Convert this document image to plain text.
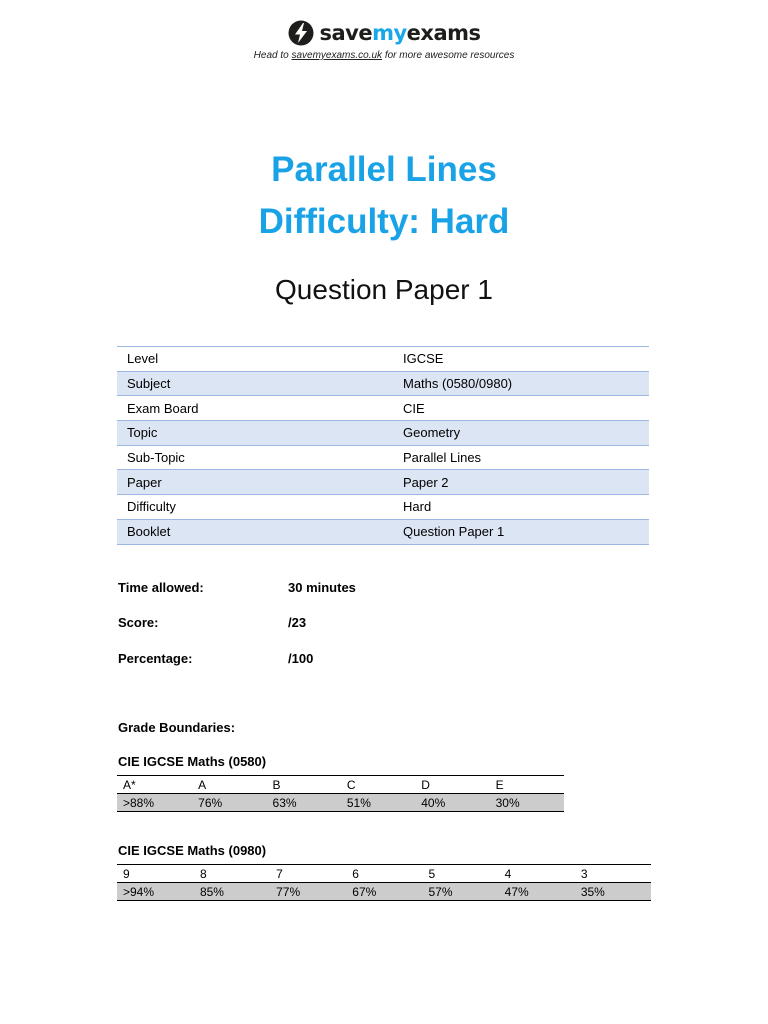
savemyexams
Head to savemyexams.co.uk for more awesome resources
Parallel Lines
Difficulty: Hard
Question Paper 1
Level	IGCSE
Subject	Maths (0580/0980)
Exam Board	CIE
Topic	Geometry
Sub-Topic	Parallel Lines
Paper	Paper 2
Difficulty	Hard
Booklet	Question Paper 1
Time allowed:	30 minutes
Score:	/23
Percentage:	/100
Grade Boundaries:
CIE IGCSE Maths (0580)
A*	A	B	C	D	E
>88%	76%	63%	51%	40%	30%
CIE IGCSE Maths (0980)
9	8	7	6	5	4	3
>94%	85%	77%	67%	57%	47%	35%
